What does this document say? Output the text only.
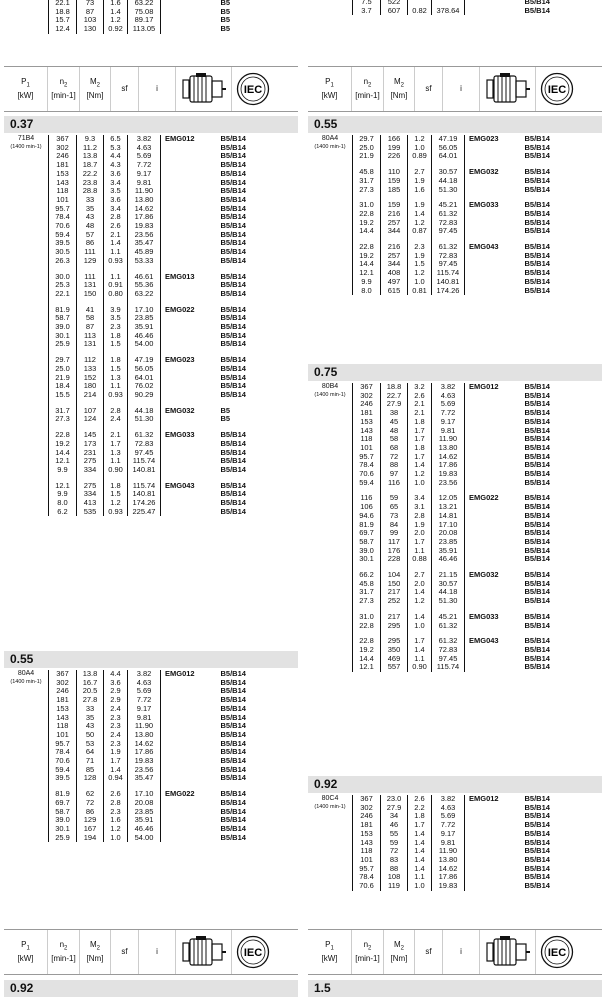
22.1	73	1.6	63.22		B5
18.8	87	1.4	75.08		B5
15.7	103	1.2	89.17		B5
12.4	130	0.92	113.05		B5
7.5	522				B5/B14
3.7	607	0.82	378.64		B5/B14
$P_1$
[kW]
$n_2$
[min-1]
$M_2$
[Nm]
sf	i	IEC
$P_1$
[kW]
$n_2$
[min-1]
$M_2$
[Nm]
sf	i	IEC
0.37
71B4
(1400 min-1)
367	9.3	6.5	3.82	EMG012	B5/B14
302	11.2	5.3	4.63		B5/B14
246	13.8	4.4	5.69		B5/B14
181	18.7	4.3	7.72		B5/B14
153	22.2	3.6	9.17		B5/B14
143	23.8	3.4	9.81		B5/B14
118	28.8	3.5	11.90		B5/B14
101	33	3.6	13.80		B5/B14
95.7	35	3.4	14.62		B5/B14
78.4	43	2.8	17.86		B5/B14
70.6	48	2.6	19.83		B5/B14
59.4	57	2.1	23.56		B5/B14
39.5	86	1.4	35.47		B5/B14
30.5	111	1.1	45.89		B5/B14
26.3	129	0.93	53.33		B5/B14

30.0	111	1.1	46.61	EMG013	B5/B14
25.3	131	0.91	55.36		B5/B14
22.1	150	0.80	63.22		B5/B14

81.9	41	3.9	17.10	EMG022	B5/B14
58.7	58	3.5	23.85		B5/B14
39.0	87	2.3	35.91		B5/B14
30.1	113	1.8	46.46		B5/B14
25.9	131	1.5	54.00		B5/B14

29.7	112	1.8	47.19	EMG023	B5/B14
25.0	133	1.5	56.05		B5/B14
21.9	152	1.3	64.01		B5/B14
18.4	180	1.1	76.02		B5/B14
15.5	214	0.93	90.29		B5/B14

31.7	107	2.8	44.18	EMG032	B5
27.3	124	2.4	51.30		B5

22.8	145	2.1	61.32	EMG033	B5/B14
19.2	173	1.7	72.83		B5/B14
14.4	231	1.3	97.45		B5/B14
12.1	275	1.1	115.74		B5/B14
9.9	334	0.90	140.81		B5/B14

12.1	275	1.8	115.74	EMG043	B5/B14
9.9	334	1.5	140.81		B5/B14
8.0	413	1.2	174.26		B5/B14
6.2	535	0.93	225.47		B5/B14
0.55
80A4
(1400 min-1)
367	13.8	4.4	3.82	EMG012	B5/B14
302	16.7	3.6	4.63		B5/B14
246	20.5	2.9	5.69		B5/B14
181	27.8	2.9	7.72		B5/B14
153	33	2.4	9.17		B5/B14
143	35	2.3	9.81		B5/B14
118	43	2.3	11.90		B5/B14
101	50	2.4	13.80		B5/B14
95.7	53	2.3	14.62		B5/B14
78.4	64	1.9	17.86		B5/B14
70.6	71	1.7	19.83		B5/B14
59.4	85	1.4	23.56		B5/B14
39.5	128	0.94	35.47		B5/B14

81.9	62	2.6	17.10	EMG022	B5/B14
69.7	72	2.8	20.08		B5/B14
58.7	86	2.3	23.85		B5/B14
39.0	129	1.6	35.91		B5/B14
30.1	167	1.2	46.46		B5/B14
25.9	194	1.0	54.00		B5/B14
0.55
80A4
(1400 min-1)
29.7	166	1.2	47.19	EMG023	B5/B14
25.0	199	1.0	56.05		B5/B14
21.9	226	0.89	64.01		B5/B14

45.8	110	2.7	30.57	EMG032	B5/B14
31.7	159	1.9	44.18		B5/B14
27.3	185	1.6	51.30		B5/B14

31.0	159	1.9	45.21	EMG033	B5/B14
22.8	216	1.4	61.32		B5/B14
19.2	257	1.2	72.83		B5/B14
14.4	344	0.87	97.45		B5/B14

22.8	216	2.3	61.32	EMG043	B5/B14
19.2	257	1.9	72.83		B5/B14
14.4	344	1.5	97.45		B5/B14
12.1	408	1.2	115.74		B5/B14
9.9	497	1.0	140.81		B5/B14
8.0	615	0.81	174.26		B5/B14
0.75
80B4
(1400 min-1)
367	18.8	3.2	3.82	EMG012	B5/B14
302	22.7	2.6	4.63		B5/B14
246	27.9	2.1	5.69		B5/B14
181	38	2.1	7.72		B5/B14
153	45	1.8	9.17		B5/B14
143	48	1.7	9.81		B5/B14
118	58	1.7	11.90		B5/B14
101	68	1.8	13.80		B5/B14
95.7	72	1.7	14.62		B5/B14
78.4	88	1.4	17.86		B5/B14
70.6	97	1.2	19.83		B5/B14
59.4	116	1.0	23.56		B5/B14

116	59	3.4	12.05	EMG022	B5/B14
106	65	3.1	13.21		B5/B14
94.6	73	2.8	14.81		B5/B14
81.9	84	1.9	17.10		B5/B14
69.7	99	2.0	20.08		B5/B14
58.7	117	1.7	23.85		B5/B14
39.0	176	1.1	35.91		B5/B14
30.1	228	0.88	46.46		B5/B14

66.2	104	2.7	21.15	EMG032	B5/B14
45.8	150	2.0	30.57		B5/B14
31.7	217	1.4	44.18		B5/B14
27.3	252	1.2	51.30		B5/B14

31.0	217	1.4	45.21	EMG033	B5/B14
22.8	295	1.0	61.32		B5/B14

22.8	295	1.7	61.32	EMG043	B5/B14
19.2	350	1.4	72.83		B5/B14
14.4	469	1.1	97.45		B5/B14
12.1	557	0.90	115.74		B5/B14
0.92
80C4
(1400 min-1)
367	23.0	2.6	3.82	EMG012	B5/B14
302	27.9	2.2	4.63		B5/B14
246	34	1.8	5.69		B5/B14
181	46	1.7	7.72		B5/B14
153	55	1.4	9.17		B5/B14
143	59	1.4	9.81		B5/B14
118	72	1.4	11.90		B5/B14
101	83	1.4	13.80		B5/B14
95.7	88	1.4	14.62		B5/B14
78.4	108	1.1	17.86		B5/B14
70.6	119	1.0	19.83		B5/B14
$P_1$
[kW]
$n_2$
[min-1]
$M_2$
[Nm]
sf	i	IEC
$P_1$
[kW]
$n_2$
[min-1]
$M_2$
[Nm]
sf	i	IEC
0.92	1.5
